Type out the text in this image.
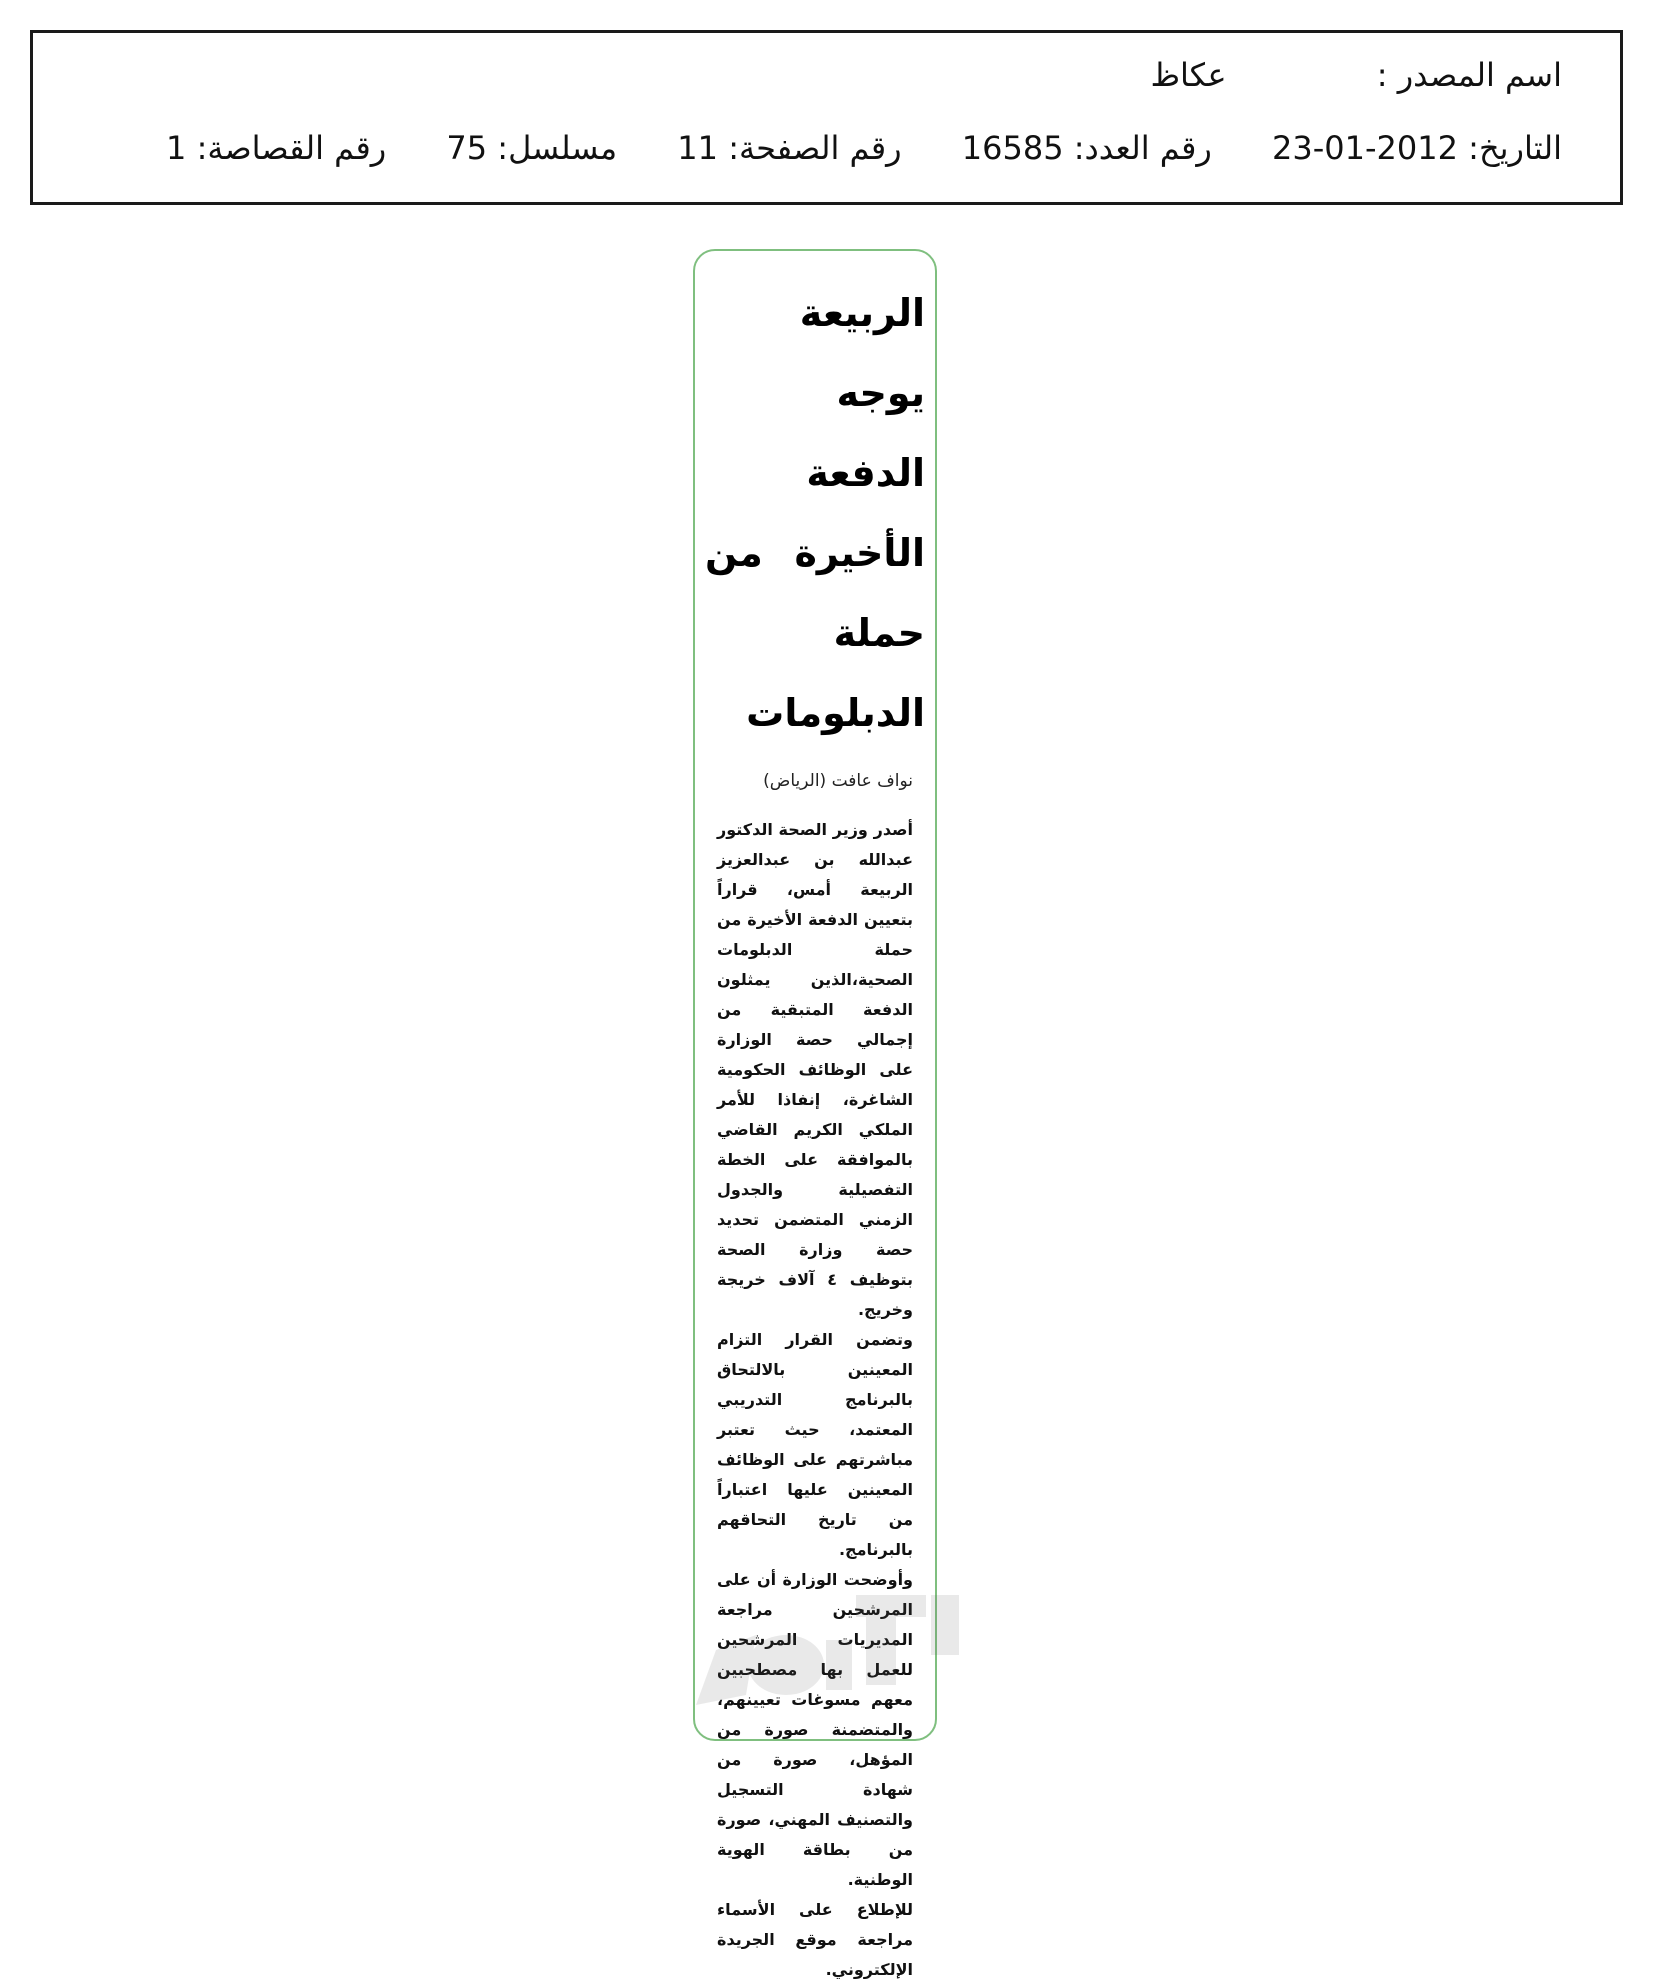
اسم المصدر : عكاظ
التاريخ: 2012-01-23 رقم العدد: 16585 رقم الصفحة: 11 مسلسل: 75 رقم القصاصة: 1
الربيعة يوجه الدفعة الأخيرة من حملة الدبلومات
نواف عافت (الرياض)

أصدر وزير الصحة الدكتور عبدالله بن عبدالعزيز الربيعة أمس، قراراً بتعيين الدفعة الأخيرة من حملة الدبلومات الصحية،الذين يمثلون الدفعة المتبقية من إجمالي حصة الوزارة على الوظائف الحكومية الشاغرة، إنفاذا للأمر الملكي الكريم القاضي بالموافقة على الخطة التفصيلية والجدول الزمني المتضمن تحديد حصة وزارة الصحة بتوظيف ٤ آلاف خريجة وخريج.

وتضمن القرار التزام المعينين بالالتحاق بالبرنامج التدريبي المعتمد، حيث تعتبر مباشرتهم على الوظائف المعينين عليها اعتباراً من تاريخ التحاقهم بالبرنامج.

وأوضحت الوزارة أن على المرشحين مراجعة المديريات المرشحين للعمل بها مصطحبين معهم مسوغات تعيينهم، والمتضمنة صورة من المؤهل، صورة من شهادة التسجيل والتصنيف المهني، صورة من بطاقة الهوية الوطنية.

للإطلاع على الأسماء مراجعة موقع الجريدة الإلكتروني.
